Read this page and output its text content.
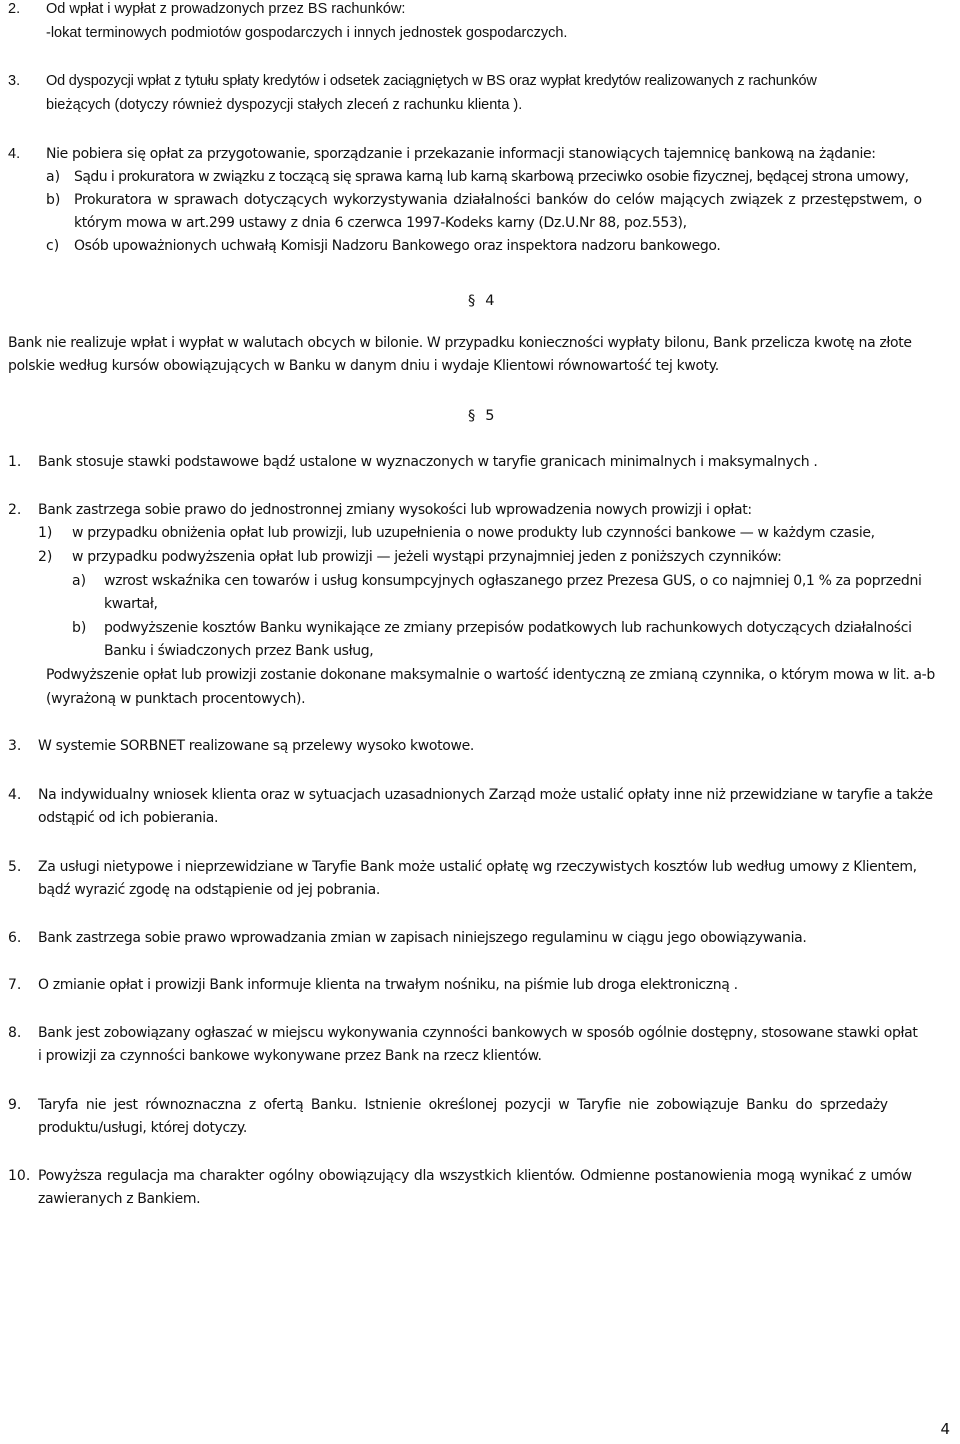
2. Od wpłat i wypłat z prowadzonych przez BS rachunków:
-lokat terminowych podmiotów gospodarczych i innych jednostek gospodarczych.
3. Od dyspozycji wpłat z tytułu spłaty kredytów i odsetek zaciągniętych w BS oraz wypłat kredytów realizowanych z rachunków
bieżących (dotyczy również dyspozycji stałych zleceń z rachunku klienta ).
4. Nie pobiera się opłat za przygotowanie, sporządzanie i przekazanie informacji stanowiących tajemnicę bankową na żądanie:
a) Sądu i prokuratora w związku z toczącą się sprawa karną lub karną skarbową przeciwko osobie fizycznej, będącej strona umowy,
b) Prokuratora w sprawach dotyczących wykorzystywania działalności banków do celów mających związek z przestępstwem, o
którym mowa w art.299 ustawy z dnia 6 czerwca 1997-Kodeks karny (Dz.U.Nr 88, poz.553),
c) Osób upoważnionych uchwałą Komisji Nadzoru Bankowego oraz inspektora nadzoru bankowego.
§ 4
Bank nie realizuje wpłat i wypłat w walutach obcych w bilonie. W przypadku konieczności wypłaty bilonu, Bank przelicza kwotę na złote
polskie według kursów obowiązujących w Banku w danym dniu i wydaje Klientowi równowartość tej kwoty.
§ 5
1. Bank stosuje stawki podstawowe bądź ustalone w wyznaczonych w taryfie granicach minimalnych i maksymalnych .
2. Bank zastrzega sobie prawo do jednostronnej zmiany wysokości lub wprowadzenia nowych prowizji i opłat:
1) w przypadku obniżenia opłat lub prowizji, lub uzupełnienia o nowe produkty lub czynności bankowe — w każdym czasie,
2) w przypadku podwyższenia opłat lub prowizji — jeżeli wystąpi przynajmniej jeden z poniższych czynników:
a) wzrost wskaźnika cen towarów i usług konsumpcyjnych ogłaszanego przez Prezesa GUS, o co najmniej 0,1 % za poprzedni
kwartał,
b) podwyższenie kosztów Banku wynikające ze zmiany przepisów podatkowych lub rachunkowych dotyczących działalności
Banku i świadczonych przez Bank usług,
Podwyższenie opłat lub prowizji zostanie dokonane maksymalnie o wartość identyczną ze zmianą czynnika, o którym mowa w lit. a-b
(wyrażoną w punktach procentowych).
3. W systemie SORBNET realizowane są przelewy wysoko kwotowe.
4. Na indywidualny wniosek klienta oraz w sytuacjach uzasadnionych Zarząd może ustalić opłaty inne niż przewidziane w taryfie a także
odstąpić od ich pobierania.
5. Za usługi nietypowe i nieprzewidziane w Taryfie Bank może ustalić opłatę wg rzeczywistych kosztów lub według umowy z Klientem,
bądź wyrazić zgodę na odstąpienie od jej pobrania.
6. Bank zastrzega sobie prawo wprowadzania zmian w zapisach niniejszego regulaminu w ciągu jego obowiązywania.
7. O zmianie opłat i prowizji Bank informuje klienta na trwałym nośniku, na piśmie lub droga elektroniczną .
8. Bank jest zobowiązany ogłaszać w miejscu wykonywania czynności bankowych w sposób ogólnie dostępny, stosowane stawki opłat
i prowizji za czynności bankowe wykonywane przez Bank na rzecz klientów.
9. Taryfa nie jest równoznaczna z ofertą Banku. Istnienie określonej pozycji w Taryfie nie zobowiązuje Banku do sprzedaży
produktu/usługi, której dotyczy.
10. Powyższa regulacja ma charakter ogólny obowiązujący dla wszystkich klientów. Odmienne postanowienia mogą wynikać z umów
zawieranych z Bankiem.
4
